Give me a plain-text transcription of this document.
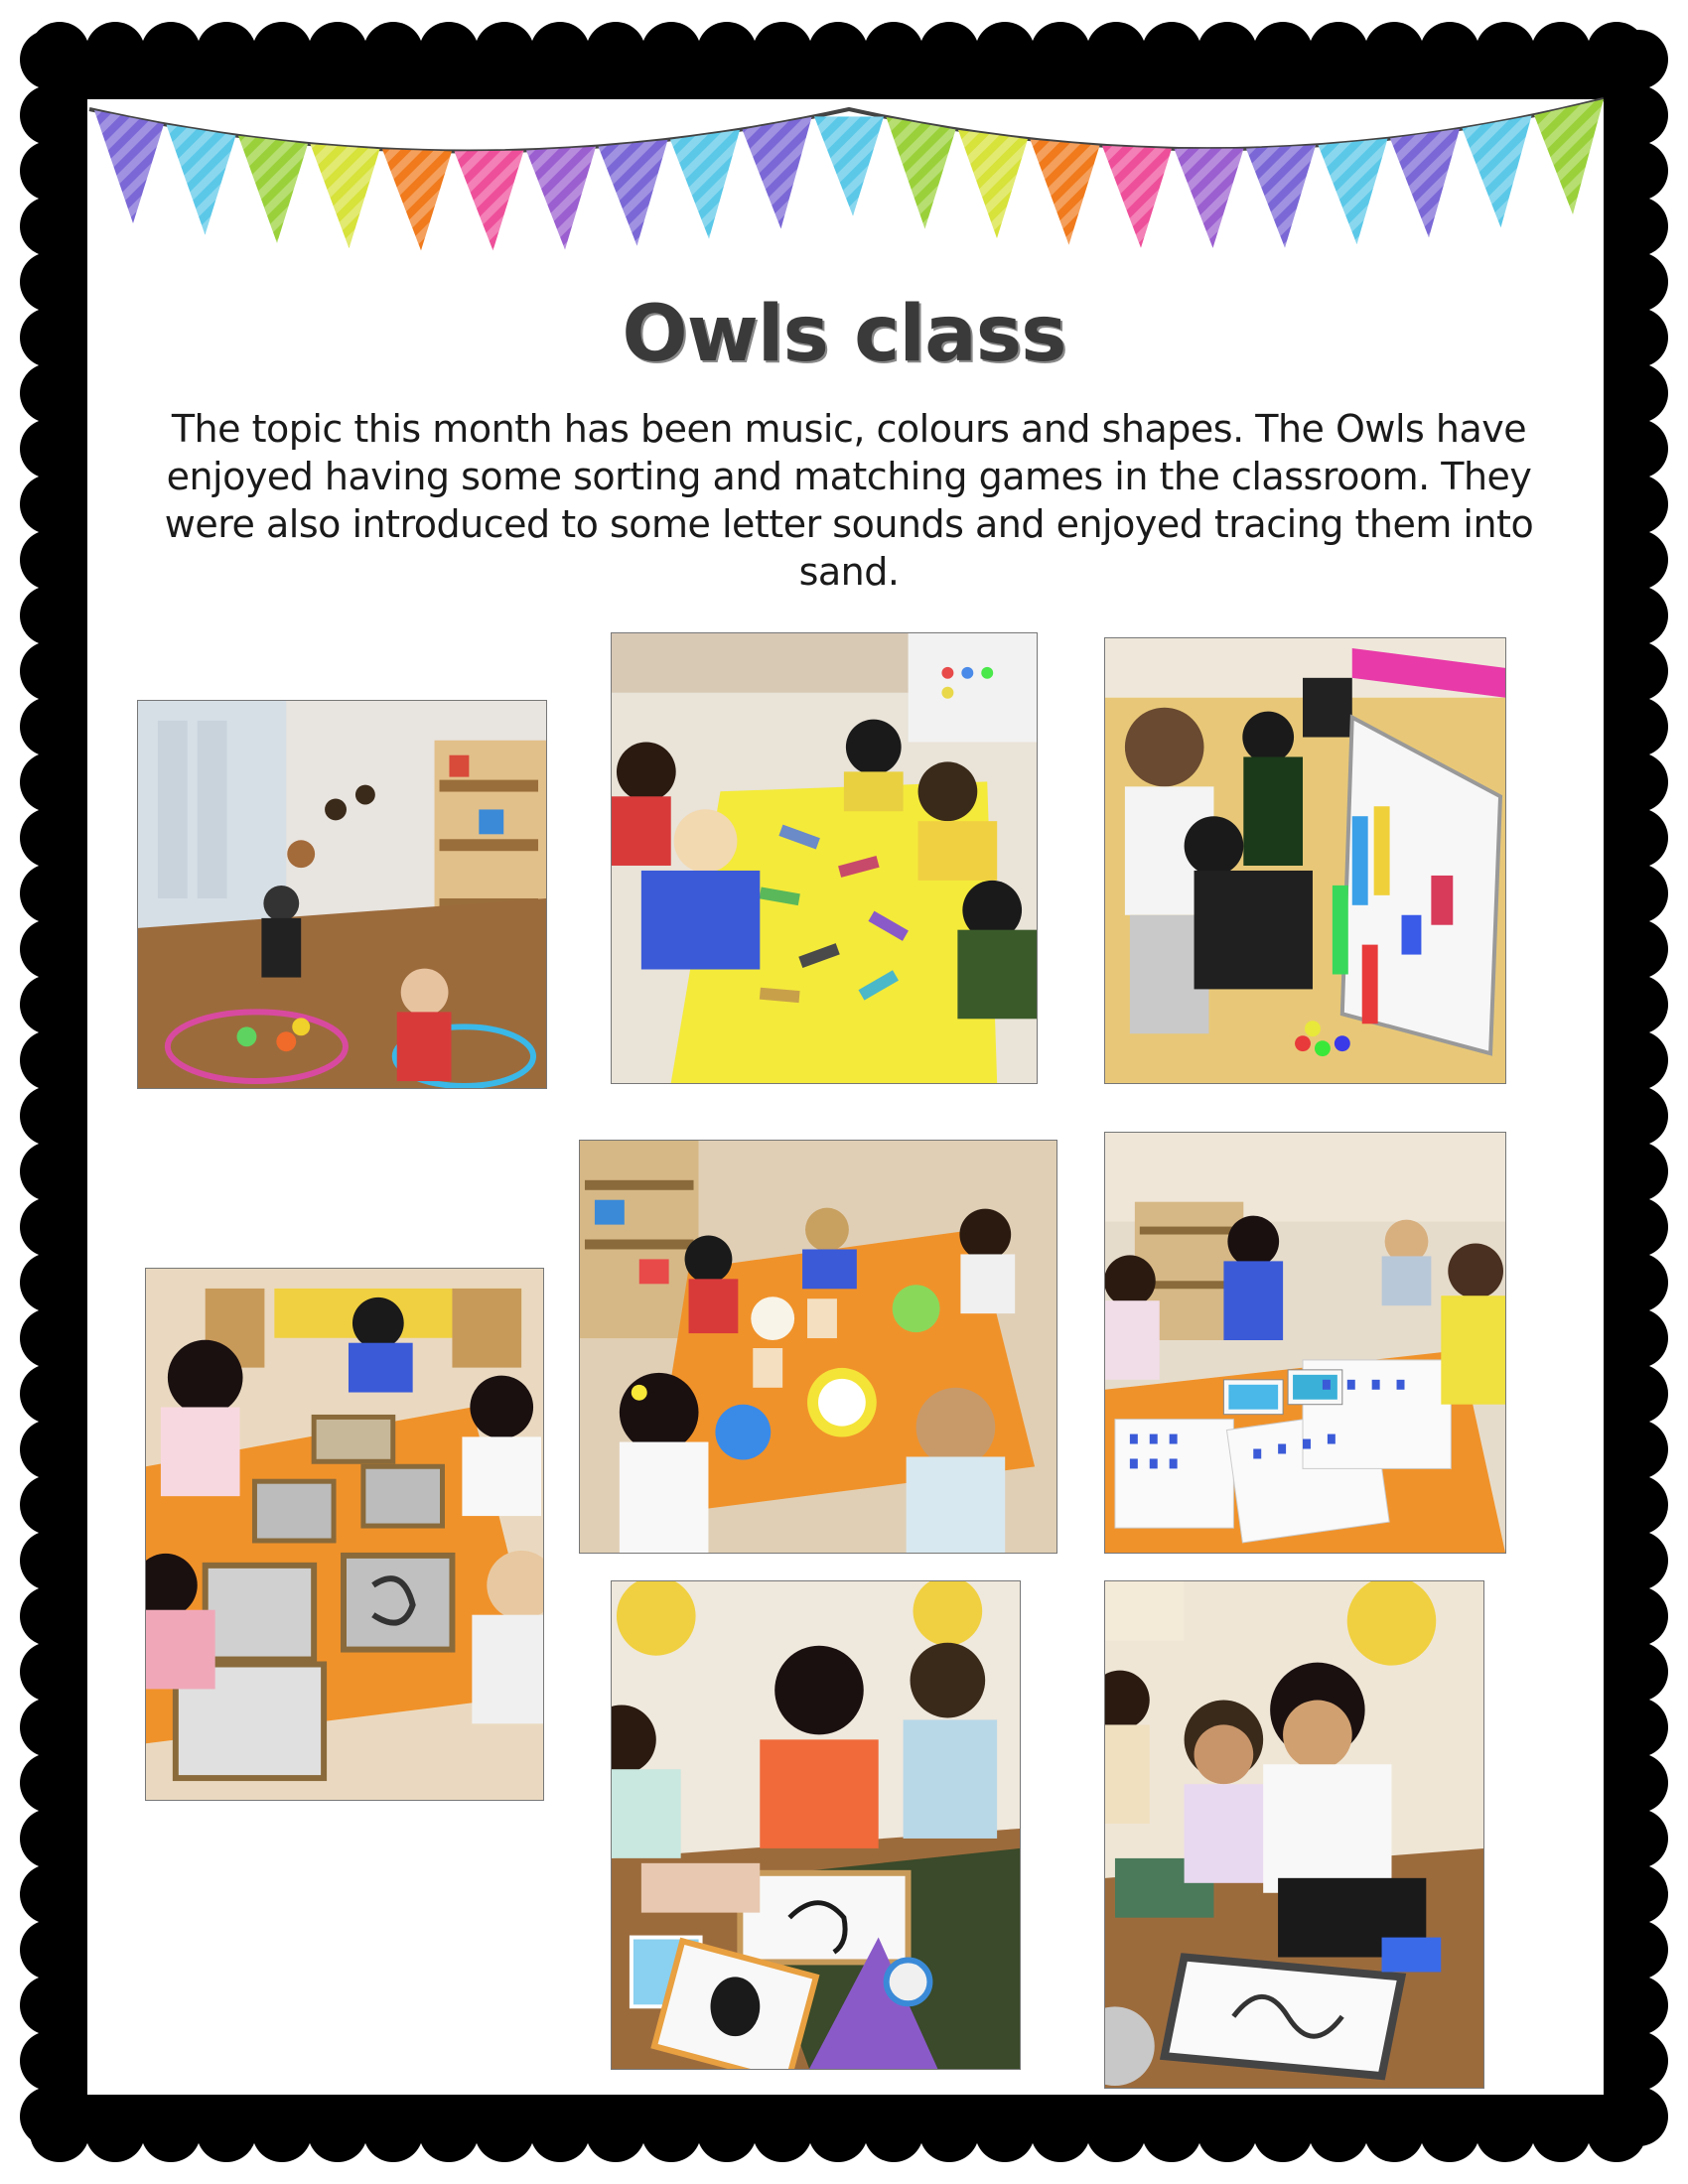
Owls class
The topic this month has been music, colours and shapes. The Owls have enjoyed having some sorting and matching games in the classroom. They were also introduced to some letter sounds and enjoyed tracing them into sand.
